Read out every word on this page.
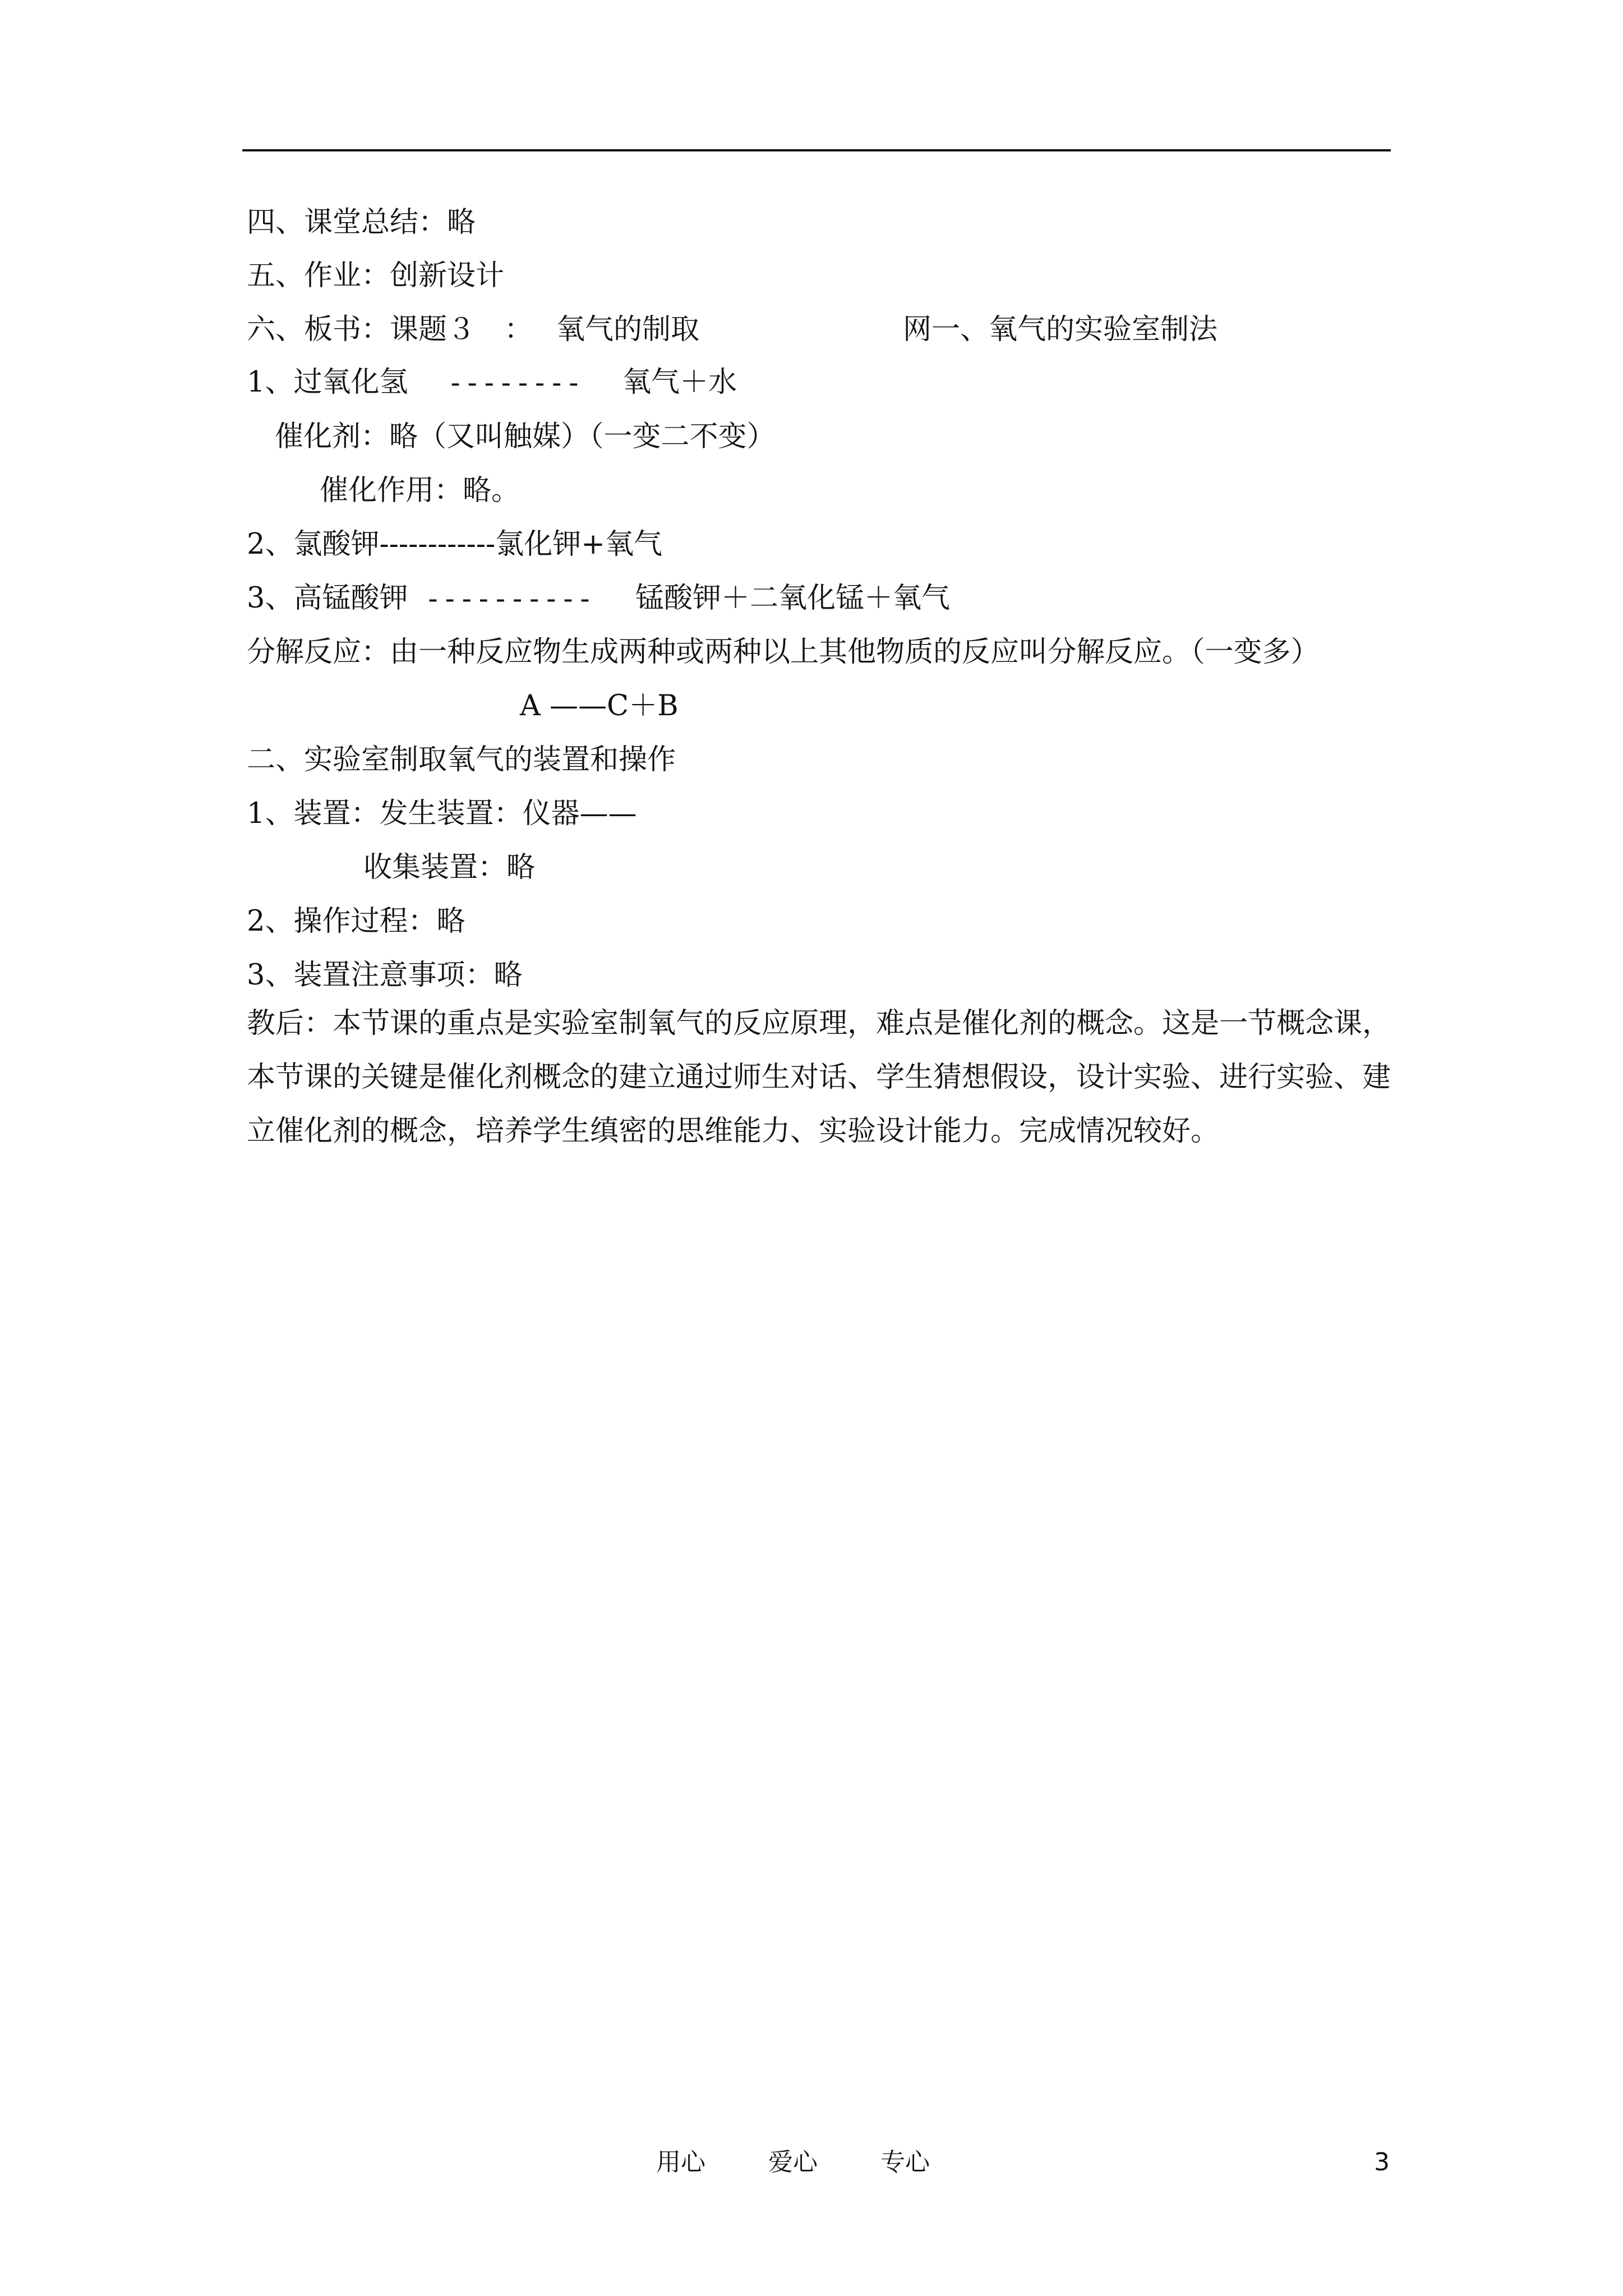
四、课堂总结：略

五、作业：创新设计

六、板书：课题３　： 氧气的制取	网一、氧气的实验室制法

1、过氧化氢 -------- 氧气＋水

催化剂：略（又叫触媒）（一变二不变）

催化作用：略。

2、氯酸钾------------氯化钾+氧气

3、高锰酸钾 ---------- 锰酸钾＋二氧化锰＋氧气

分解反应：由一种反应物生成两种或两种以上其他物质的反应叫分解反应。（一变多）

A ——C＋B

二、实验室制取氧气的装置和操作

1、装置：发生装置：仪器——

收集装置：略

2、操作过程：略

3、装置注意事项：略

教后：本节课的重点是实验室制氧气的反应原理，难点是催化剂的概念。这是一节概念课，本节课的关键是催化剂概念的建立通过师生对话、学生猜想假设，设计实验、进行实验、建立催化剂的概念，培养学生缜密的思维能力、实验设计能力。完成情况较好。

用心	爱心	专心	3
